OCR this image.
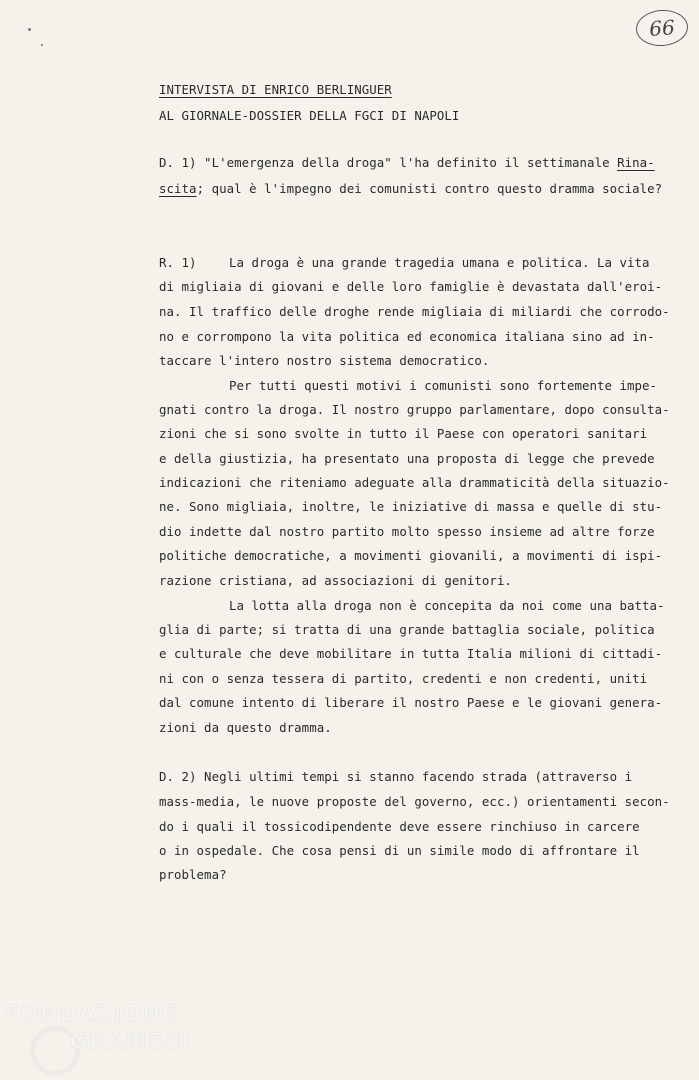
66
INTERVISTA DI ENRICO BERLINGUER
AL GIORNALE-DOSSIER DELLA FGCI DI NAPOLI
D. 1) "L'emergenza della droga" l'ha definito il settimanale Rina-
scita; qual è l'impegno dei comunisti contro questo dramma sociale?
R. 1)	La droga è una grande tragedia umana e politica. La vita
di migliaia di giovani e delle loro famiglie è devastata dall'eroi-
na. Il traffico delle droghe rende migliaia di miliardi che corrodo-
no e corrompono la vita politica ed economica italiana sino ad in-
taccare l'intero nostro sistema democratico.
Per tutti questi motivi i comunisti sono fortemente impe-
gnati contro la droga. Il nostro gruppo parlamentare, dopo consulta-
zioni che si sono svolte in tutto il Paese con operatori sanitari
e della giustizia, ha presentato una proposta di legge che prevede
indicazioni che riteniamo adeguate alla drammaticità della situazio-
ne. Sono migliaia, inoltre, le iniziative di massa e quelle di stu-
dio indette dal nostro partito molto spesso insieme ad altre forze
politiche democratiche, a movimenti giovanili, a movimenti di ispi-
razione cristiana, ad associazioni di genitori.
La lotta alla droga non è concepita da noi come una batta-
glia di parte; si tratta di una grande battaglia sociale, politica
e culturale che deve mobilitare in tutta Italia milioni di cittadi-
ni con o senza tessera di partito, credenti e non credenti, uniti
dal comune intento di liberare il nostro Paese e le giovani genera-
zioni da questo dramma.
D. 2) Negli ultimi tempi si stanno facendo strada (attraverso i
mass-media, le nuove proposte del governo, ecc.) orientamenti secon-
do i quali il tossicodipendente deve essere rinchiuso in carcere
o in ospedale. Che cosa pensi di un simile modo di affrontare il
problema?
FONDAZIONE
GRAMSCI
